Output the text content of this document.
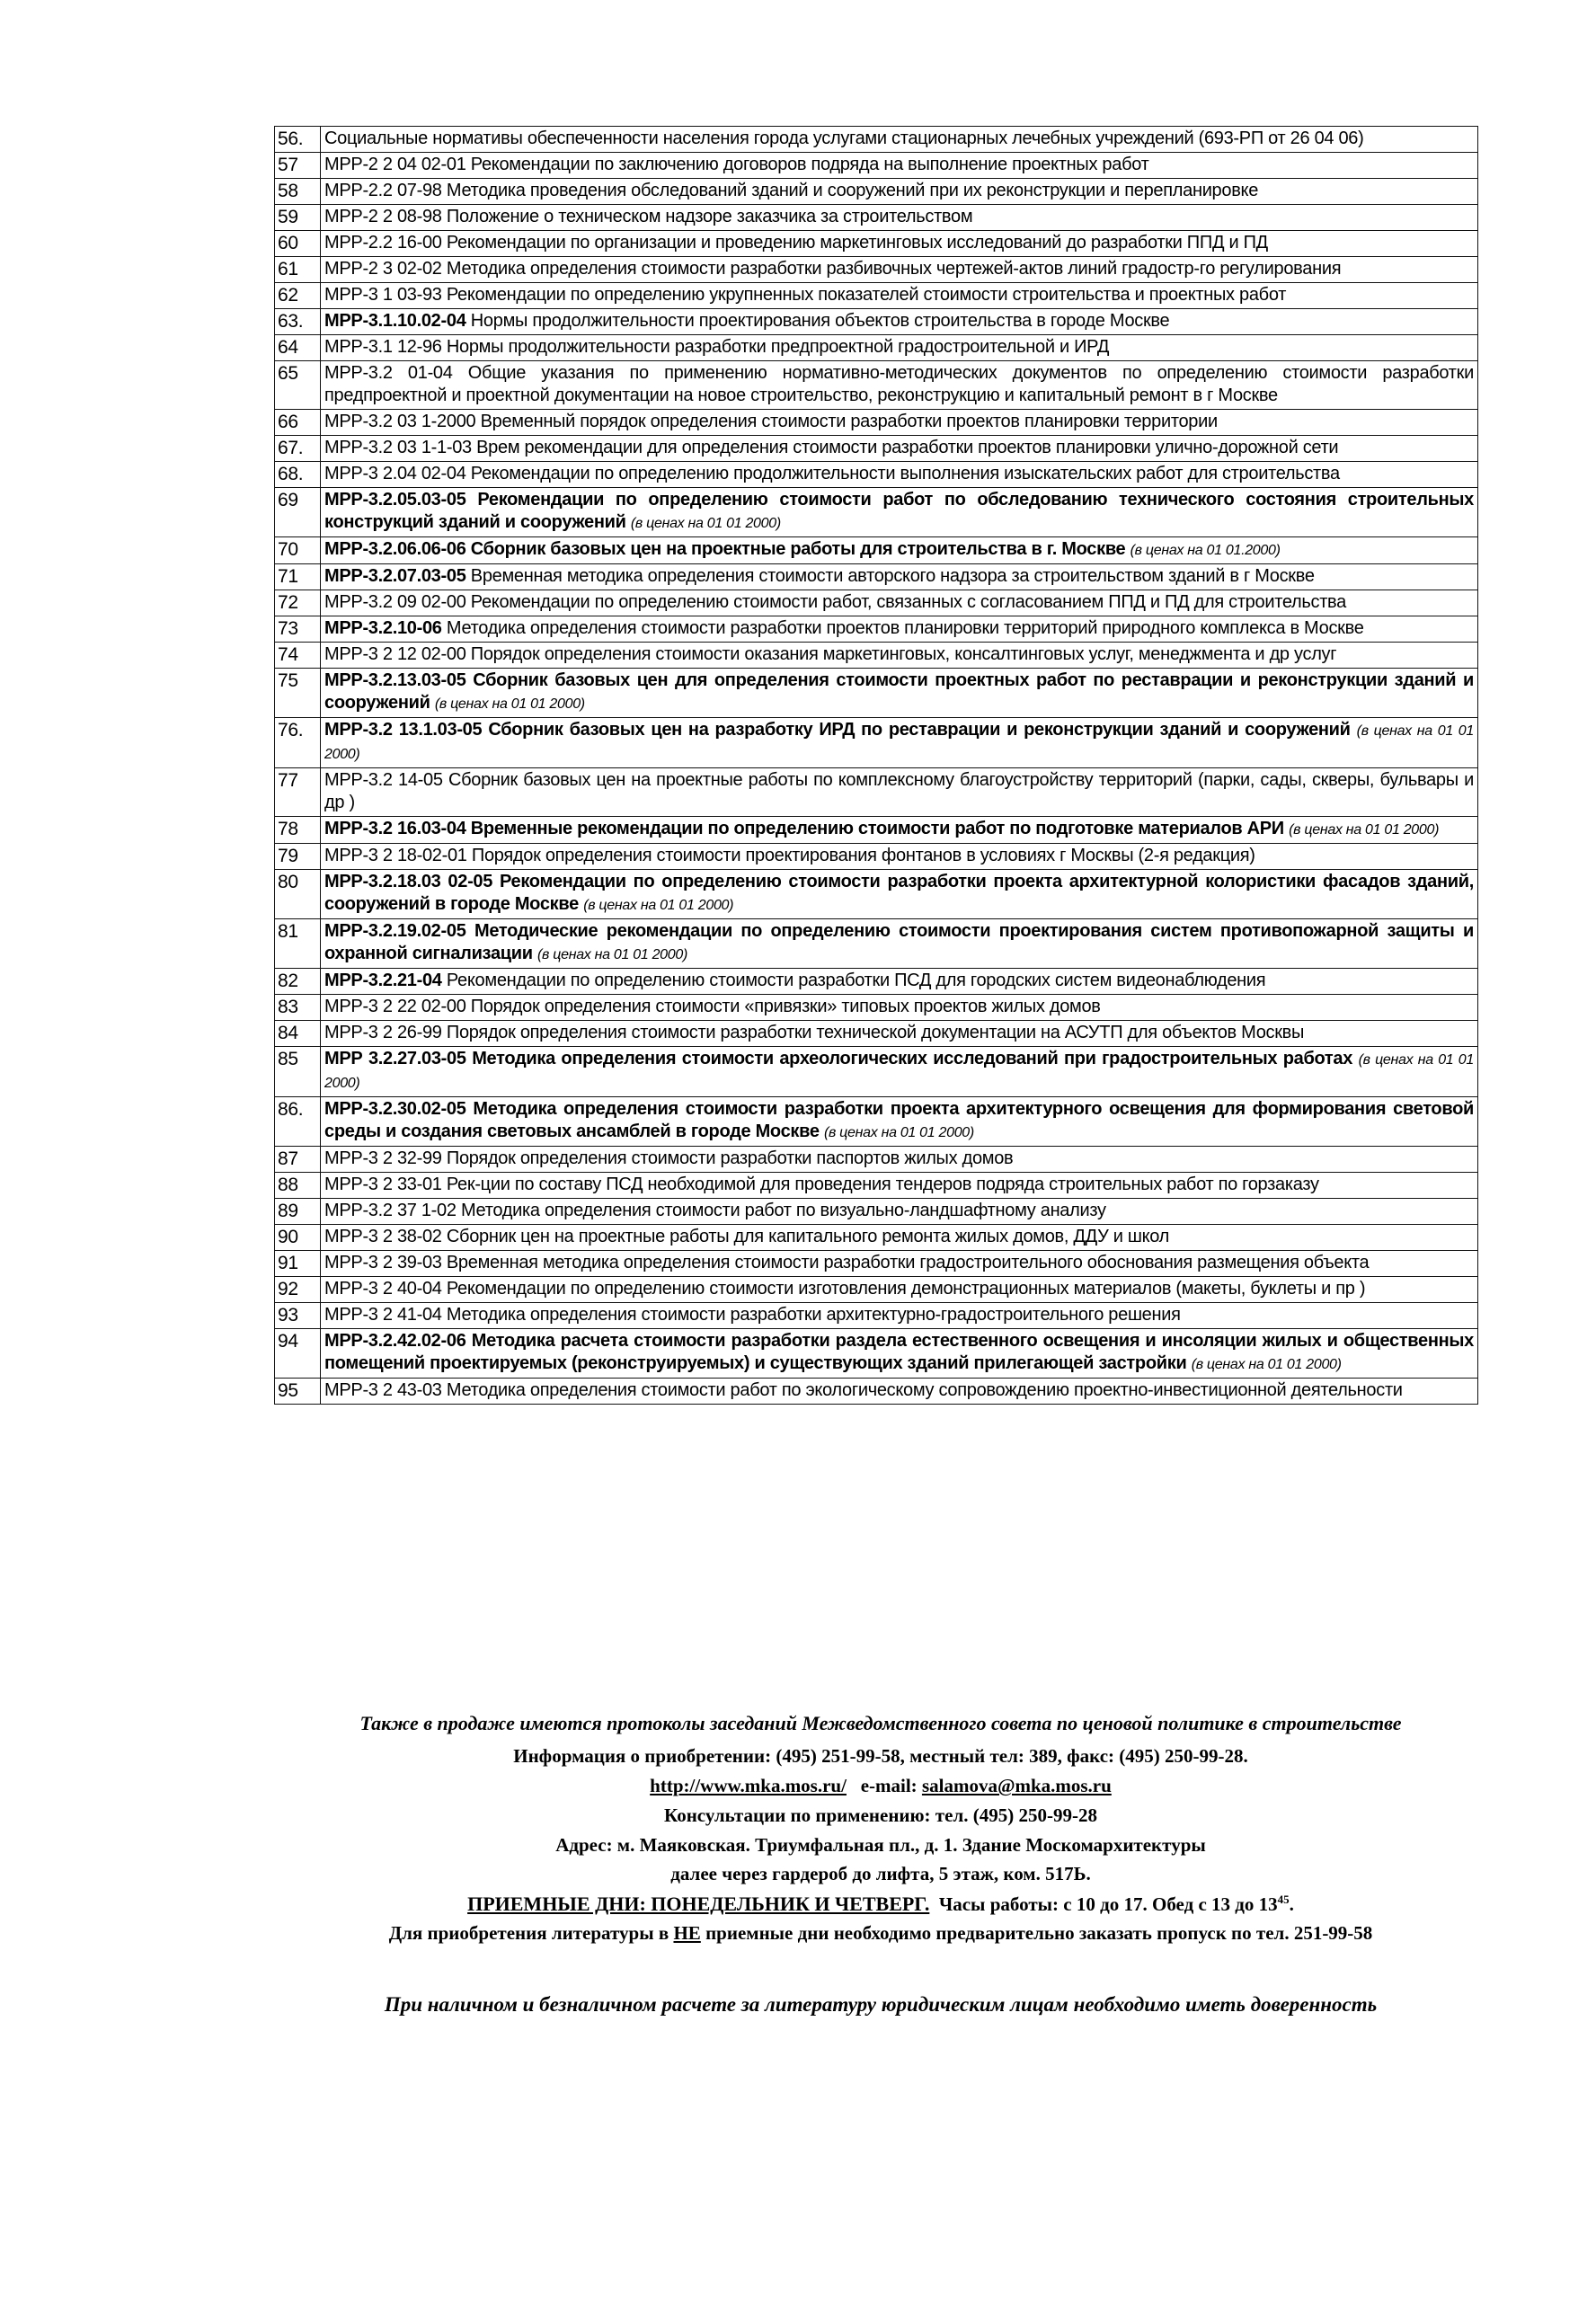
56.	Социальные нормативы обеспеченности населения города услугами стационарных лечебных учреждений (693-РП от 26 04 06)
57	МРР-2 2 04 02-01 Рекомендации по заключению договоров подряда на выполнение проектных работ
58	МРР-2.2 07-98 Методика проведения обследований зданий и сооружений при их реконструкции и перепланировке
59	МРР-2 2 08-98 Положение о техническом надзоре заказчика за строительством
60	МРР-2.2 16-00 Рекомендации по организации и проведению маркетинговых исследований до разработки ППД и ПД
61	МРР-2 3 02-02 Методика определения стоимости разработки разбивочных чертежей-актов линий градостр-го регулирования
62	МРР-3 1 03-93 Рекомендации по определению укрупненных показателей стоимости строительства и проектных работ
63.	МРР-3.1.10.02-04 Нормы продолжительности проектирования объектов строительства в городе Москве
64	МРР-3.1 12-96 Нормы продолжительности разработки предпроектной градостроительной и ИРД
65	МРР-3.2 01-04 Общие указания по применению нормативно-методических документов по определению стоимости разработки предпроектной и проектной документации на новое строительство, реконструкцию и капитальный ремонт в г Москве
66	МРР-3.2 03 1-2000 Временный порядок определения стоимости разработки проектов планировки территории
67.	МРР-3.2 03 1-1-03 Врем рекомендации для определения стоимости разработки проектов планировки улично-дорожной сети
68.	МРР-3 2.04 02-04 Рекомендации по определению продолжительности выполнения изыскательских работ для строительства
69	МРР-3.2.05.03-05 Рекомендации по определению стоимости работ по обследованию технического состояния строительных конструкций зданий и сооружений (в ценах на 01 01 2000)
70	МРР-3.2.06.06-06 Сборник базовых цен на проектные работы для строительства в г. Москве (в ценах на 01 01.2000)
71	МРР-3.2.07.03-05 Временная методика определения стоимости авторского надзора за строительством зданий в г Москве
72	МРР-3.2 09 02-00 Рекомендации по определению стоимости работ, связанных с согласованием ППД и ПД для строительства
73	МРР-3.2.10-06 Методика определения стоимости разработки проектов планировки территорий природного комплекса в Москве
74	МРР-3 2 12 02-00 Порядок определения стоимости оказания маркетинговых, консалтинговых услуг, менеджмента и др услуг
75	МРР-3.2.13.03-05 Сборник базовых цен для определения стоимости проектных работ по реставрации и реконструкции зданий и сооружений (в ценах на 01 01 2000)
76.	МРР-3.2 13.1.03-05 Сборник базовых цен на разработку ИРД по реставрации и реконструкции зданий и сооружений (в ценах на 01 01 2000)
77	МРР-3.2 14-05 Сборник базовых цен на проектные работы по комплексному благоустройству территорий (парки, сады, скверы, бульвары и др )
78	МРР-3.2 16.03-04 Временные рекомендации по определению стоимости работ по подготовке материалов АРИ (в ценах на 01 01 2000)
79	МРР-3 2 18-02-01 Порядок определения стоимости проектирования фонтанов в условиях г Москвы (2-я редакция)
80	МРР-3.2.18.03 02-05 Рекомендации по определению стоимости разработки проекта архитектурной колористики фасадов зданий, сооружений в городе Москве (в ценах на 01 01 2000)
81	МРР-3.2.19.02-05 Методические рекомендации по определению стоимости проектирования систем противопожарной защиты и охранной сигнализации (в ценах на 01 01 2000)
82	МРР-3.2.21-04 Рекомендации по определению стоимости разработки ПСД для городских систем видеонаблюдения
83	МРР-3 2 22 02-00 Порядок определения стоимости «привязки» типовых проектов жилых домов
84	МРР-3 2 26-99 Порядок определения стоимости разработки технической документации на АСУТП для объектов Москвы
85	МРР 3.2.27.03-05 Методика определения стоимости археологических исследований при градостроительных работах (в ценах на 01 01 2000)
86.	МРР-3.2.30.02-05 Методика определения стоимости разработки проекта архитектурного освещения для формирования световой среды и создания световых ансамблей в городе Москве (в ценах на 01 01 2000)
87	МРР-3 2 32-99 Порядок определения стоимости разработки паспортов жилых домов
88	МРР-3 2 33-01 Рек-ции по составу ПСД необходимой для проведения тендеров подряда строительных работ по горзаказу
89	МРР-3.2 37 1-02 Методика определения стоимости работ по визуально-ландшафтному анализу
90	МРР-3 2 38-02 Сборник цен на проектные работы для капитального ремонта жилых домов, ДДУ и школ
91	МРР-3 2 39-03 Временная методика определения стоимости разработки градостроительного обоснования размещения объекта
92	МРР-3 2 40-04 Рекомендации по определению стоимости изготовления демонстрационных материалов (макеты, буклеты и пр )
93	МРР-3 2 41-04 Методика определения стоимости разработки архитектурно-градостроительного решения
94	МРР-3.2.42.02-06 Методика расчета стоимости разработки раздела естественного освещения и инсоляции жилых и общественных помещений проектируемых (реконструируемых) и существующих зданий прилегающей застройки (в ценах на 01 01 2000)
95	МРР-3 2 43-03 Методика определения стоимости работ по экологическому сопровождению проектно-инвестиционной деятельности
Также в продаже имеются протоколы заседаний Межведомственного совета по ценовой политике в строительстве
Информация о приобретении: (495) 251-99-58, местный тел: 389, факс: (495) 250-99-28.
http://www.mka.mos.ru/ e-mail: salamova@mka.mos.ru
Консультации по применению: тел. (495) 250-99-28
Адрес: м. Маяковская. Триумфальная пл., д. 1. Здание Москомархитектуры
далее через гардероб до лифта, 5 этаж, ком. 517Ь.
ПРИЕМНЫЕ ДНИ: ПОНЕДЕЛЬНИК И ЧЕТВЕРГ. Часы работы: с 10 до 17. Обед с 13 до $13^{45}$.
Для приобретения литературы в НЕ приемные дни необходимо предварительно заказать пропуск по тел. 251-99-58
При наличном и безналичном расчете за литературу юридическим лицам необходимо иметь доверенность
